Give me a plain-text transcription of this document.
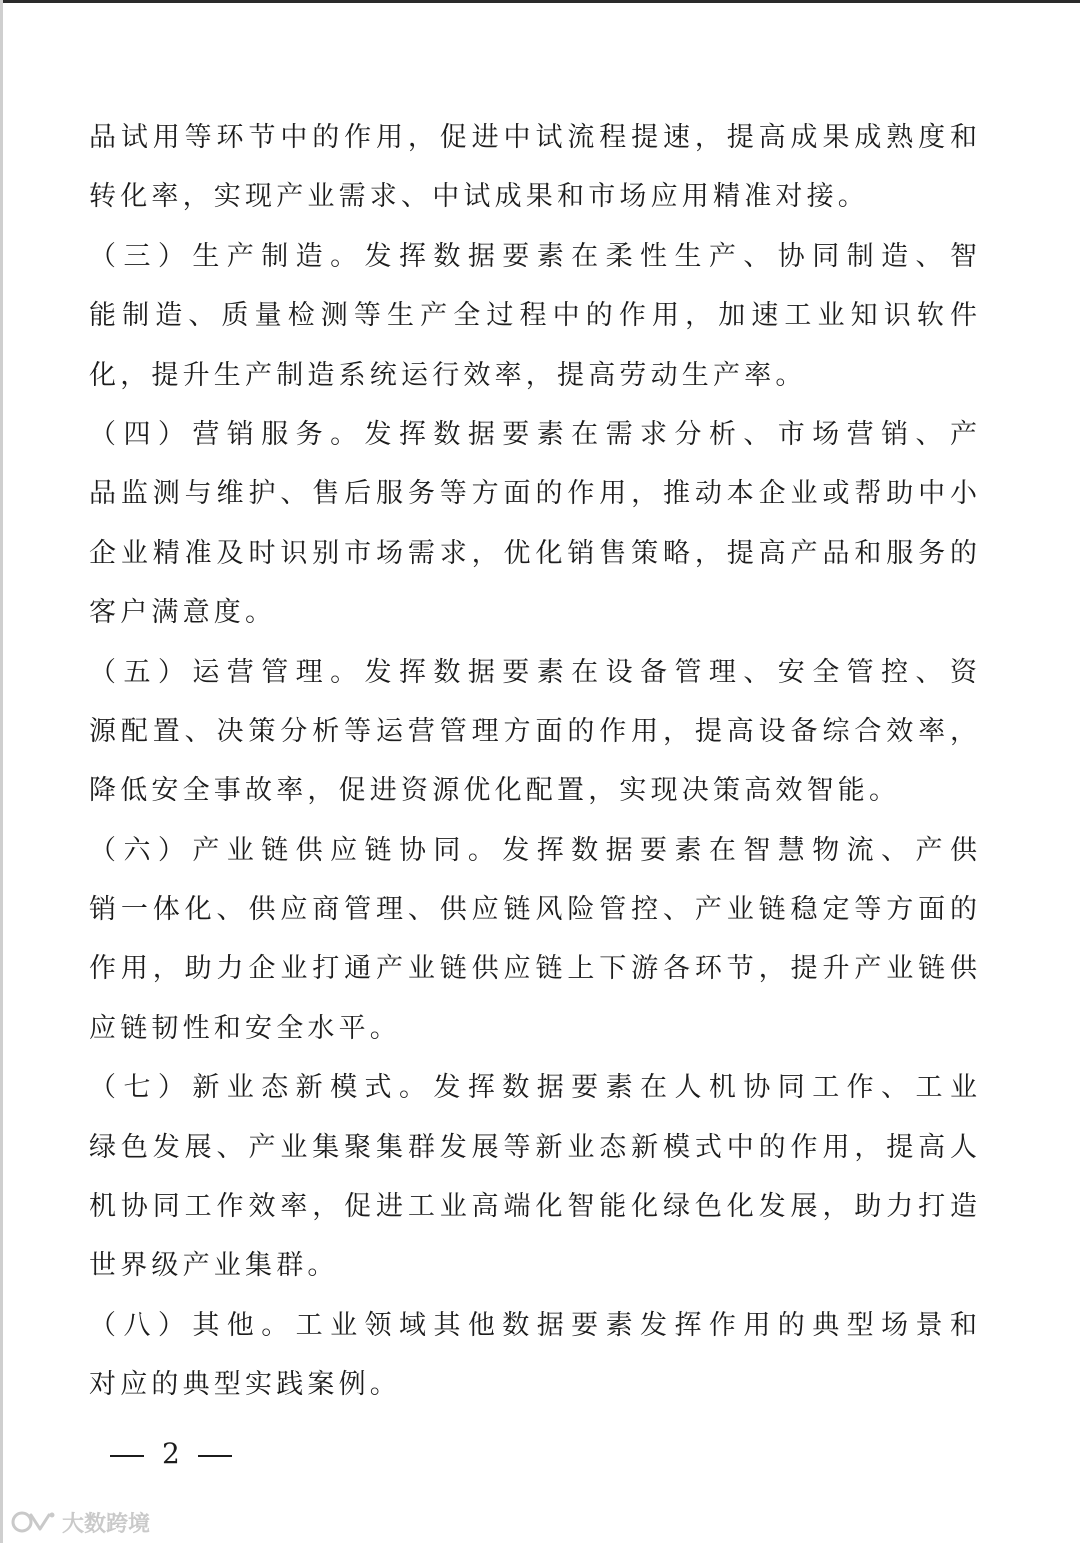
品试用等环节中的作用，促进中试流程提速，提高成果成熟度和
转化率，实现产业需求、中试成果和市场应用精准对接。
（三）生产制造。发挥数据要素在柔性生产、协同制造、智
能制造、质量检测等生产全过程中的作用，加速工业知识软件
化，提升生产制造系统运行效率，提高劳动生产率。
（四）营销服务。发挥数据要素在需求分析、市场营销、产
品监测与维护、售后服务等方面的作用，推动本企业或帮助中小
企业精准及时识别市场需求，优化销售策略，提高产品和服务的
客户满意度。
（五）运营管理。发挥数据要素在设备管理、安全管控、资
源配置、决策分析等运营管理方面的作用，提高设备综合效率，
降低安全事故率，促进资源优化配置，实现决策高效智能。
（六）产业链供应链协同。发挥数据要素在智慧物流、产供
销一体化、供应商管理、供应链风险管控、产业链稳定等方面的
作用，助力企业打通产业链供应链上下游各环节，提升产业链供
应链韧性和安全水平。
（七）新业态新模式。发挥数据要素在人机协同工作、工业
绿色发展、产业集聚集群发展等新业态新模式中的作用，提高人
机协同工作效率，促进工业高端化智能化绿色化发展，助力打造
世界级产业集群。
（八）其他。工业领域其他数据要素发挥作用的典型场景和
对应的典型实践案例。
2
大数跨境
